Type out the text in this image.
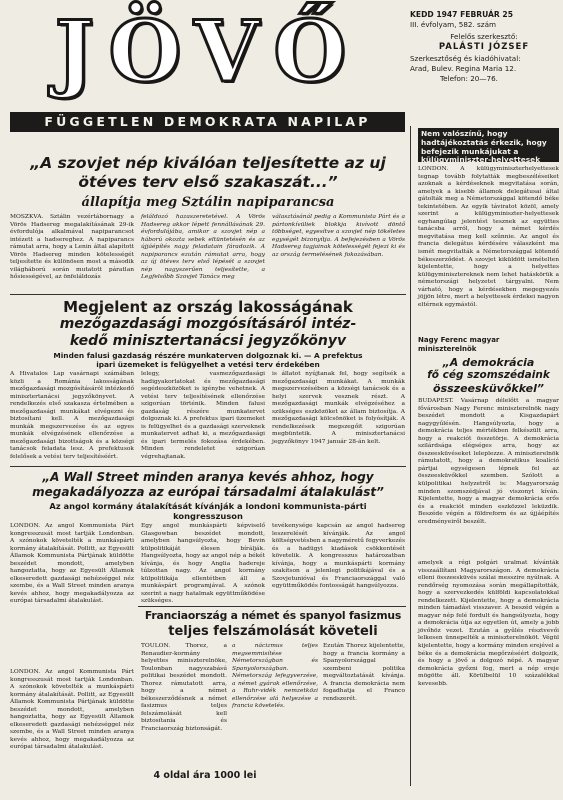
JÖVŐ
FÜGGETLEN DEMOKRATA NAPILAP
KEDD 1947 FEBRUÁR 25
III. évfolyam, 582. szám
Felelős szerkesztő:
PALÁSTI JÓZSEF
Szerkesztőség és kiadóhivatal:
Arad, Bulev. Regina Maria 12.
Telefon: 20—76.
„A szovjet nép kiválóan teljesítette az uj
ötéves terv első szakaszát...”
állapítja meg Sztálin napiparancsa
MOSZKVA. Sztálin vezértábornagy a Vörös Hadsereg megalakításának 29-ik évfordulója alkalmával napiparancsot intézett a hadsereghez. A napiparancs rámutat arra, hogy a Lenin által alapított Vörös Hadsereg minden kötelességét teljesítette és különösen most a második világháború során mutatott páratlan hősiességével, az önfeláldozás
feláldozó hazaszeretetével. A Vörös Hadsereg akkor lépett fennállásának 29. évfordulójába, amikor a szovjet nép a háború okozta sebek eltüntetésén és az újjáépítés nagy feladatain fáradozik. A napiparancs ezután rámutat arra, hogy az új ötéves terv első lépését a szovjet nép nagyszerűen teljesítette, a Legfelsőbb Szovjet Tanács meg
választásánál pedig a Kommunista Párt és a pártonkívüliek blokkja kivívott döntő többséget, egyesítve a szovjet nép tökéletes egységét bizonyítja. A befejezésben a Vörös Hadsereg tagjainak kötelességét fejezi ki és az ország termelésének fokozásában.
Megjelent az ország lakosságának
mezőgazdasági mozgósításáról intéz-
kedő minisztertanácsi jegyzőkönyv
Minden falusi gazdaság részére munkaterven dolgoznak ki. — A prefektus
ipari üzemeket is felügyelhet a vetési terv érdekében
A Hivatalos Lap vasárnapi számában közli a Románia lakosságának mezőgazdasági mozgósításáról intézkedő minisztertanácsi jegyzőkönyvet. A rendelkezés első szakasza értelmében a mezőgazdasági munkákat elvégezni és biztosítani kell. A mezőgazdasági munkák megszervezése és az egyes munkák elvégzésének ellenőrzése a mezőgazdasági bizottságok és a községi tanácsok feladata lesz. A prefektusok felelősek a vetési terv teljesítéséért.
lelegy, vasmezőgazdasági hadigyakorlatokat és mezőgazdasági segédeszközöket is igénybe vehetnek. A vetési terv teljesítésének ellenőrzése szigorúan történik. Minden falusi gazdaság részére munkatervet dolgoznak ki. A prefektus ipari üzemeket is felügyelhet és a gazdasági szerveknek munkatervet adhat ki, a mezőgazdasági és ipari termelés fokozása érdekében. Minden rendeletet szigorúan végrehajtanak.
is állatot nyújtanak fel, hogy segítsék a mezőgazdasági munkákat. A munkák megszervezésében a községi tanácsok és a helyi szervek vesznek részt. A mezőgazdasági munkák elvégzéséhez a szükséges eszközöket az állam biztosítja. A mezőgazdasági kölcsönöket is folyósítják. A rendelkezések megszegőit szigorúan megbüntetik. A minisztertanácsi jegyzőkönyv 1947 január 28-án kelt.
„A Wall Street minden aranya kevés ahhoz, hogy
megakadályozza az európai társadalmi átalakulást”
Az angol kormány átalakítását kívánják a londoni kommunista-párti
kongresszuson
LONDON. Az angol Kommunista Párt kongresszusát most tartják Londonban. A szónokok követelték a munkáspárti kormány átalakítását. Pollitt, az Egyesült Államok Kommunista Pártjának küldötte beszédet mondott, amelyben hangoztatta, hogy az Egyesült Államok elkeseredett gazdasági nehézséggel néz szembe, és a Wall Street minden aranya kevés ahhoz, hogy megakadályozza az európai társadalmi átalakulást.
Egy angol munkáspárti képviselő Glasgowban beszédet mondott, amelyben hangsúlyozta, hogy Bevin külpolitikáját élesen bírálják. Hangsúlyozta, hogy az angol nép a békét kívánja, és hogy Anglia hadereje túlzottan nagy. Az angol kormány külpolitikája ellentétben áll a munkáspárt programjával. A szónok szerint a nagy hatalmak együttműködése szükséges.
tevékenysége kapcsán az angol hadsereg leszerelését kívánják. Az angol költségvetésben a nagyméretű fegyverkezés és a hadügyi kiadások csökkentését követelik. A kongresszus határozatban kívánja, hogy a munkáspárti kormány szakítson a jelenlegi politikájával és a Szovjetunióval és Franciaországgal való együttműködés fontosságát hangsúlyozza.
Franciaország a német és spanyol fasizmus
teljes felszámolását követeli
TOULON. Thorez, a Renaudier-kormány helyettes miniszterelnöke, Toulonban nagyszabású politikai beszédet mondott. Thorez rámutatott arra, hogy a német békeszerződésnek a német fasizmus teljes felszámolását kell biztosítania és Franciaország biztonságát.
a nácizmus teljes megsemmisítése Németországban és Spanyolországban. Németország lefegyverzése, a német gyárak ellenőrzése, a Ruhr-vidék nemzetközi ellenőrzése alá helyezése a francia követelés.
Ezután Thorez kijelentette, hogy a francia kormány a Spanyolországgal szembeni politika megváltoztatását kívánja. A francia demokrácia nem fogadhatja el Franco rendszerét.
LONDON. Az angol Kommunista Párt kongresszusát most tartják Londonban. A szónokok követelték a munkáspárti kormány átalakítását. Pollitt, az Egyesült Államok Kommunista Pártjának küldötte beszédet mondott, amelyben hangoztatta, hogy az Egyesült Államok elkeseredett gazdasági nehézséggel néz szembe, és a Wall Street minden aranya kevés ahhoz, hogy megakadályozza az európai társadalmi átalakulást.
4 oldal ára 1000 lei
Nem valószínű, hogy hadtájékoztatás érkezik, hogy befejezik munkájukat a külügyminiszter-helyettesek
LONDON. A külügyminiszterhelyettesek tegnap tovább folytatták megbeszéléseiket azoknak a kérdéseknek megvitatása során, amelyek a kisebb államok delegátusai által gátolták meg a Németországgal kötendő béke tekintetében. Az egyik táviratot közöl, amely szerint a külügyminiszter-helyettesek egyhangúlag jelentést tesznek az együttes tanácsba arról, hogy a német kérdés megvitatása meg kell szűnnie. Az angol és francia delegátus kérdésére válaszként ma ismét megvitatták a Németországgal kötendő békeszerződést. A szovjet kiküldött ismételten kijelentette, hogy a helyettes külügyminisztereknek nem lehet hatáskörük a németországi helyzetet tárgyalni. Nem várható, hogy a kérdésekben megegyezés jöjjön létre, mert a helyettesek érdekei nagyon eltérnek egymástól.
Nagy Ferenc magyar miniszterelnök
„A demokrácia
fő cég szomszédaink
összeesküvőkkel”
BUDAPEST. Vasárnap délelőtt a magyar fővárosban Nagy Ferenc miniszterelnök nagy beszédet mondott a Kisgazdapárt nagygyűlésén. Hangsúlyozta, hogy a demokrácia teljes mértékben felkészült arra, hogy a reakciót összetörje. A demokrácia szilárdsága elégséges arra, hogy az összeesküvéseket leleplezze. A miniszterelnök rámutatott, hogy a demokratikus koalíció pártjai egységesen lépnek fel az összeesküvőkkel szemben. Szólott a külpolitikai helyzetről is: Magyarország minden szomszédjával jó viszonyt kíván. Kijelentette, hogy a magyar demokrácia erős és a reakciót minden eszközzel leküzdik. Beszéde végén a földreform és az újjáépítés eredményeiről beszélt.
amelyek a régi polgári uralmat kívánták visszaállítani Magyarországon. A demokrácia elleni összeesküvés szálai messzire nyúlnak. A rendőrség nyomozása során megállapították, hogy a szervezkedés külföldi kapcsolatokkal rendelkezett. Kijelentette, hogy a demokrácia minden támadást visszaver. A beszéd végén a magyar nép felé fordult és hangsúlyozta, hogy a demokrácia útja az egyetlen út, amely a jobb jövőhöz vezet. Ezután a gyűlés résztvevői lelkesen ünnepelték a miniszterelnököt. Végül kijelentette, hogy a kormány minden erejével a béke és a demokrácia megőrzéséért dolgozik, és hogy a jövő a dolgozó népé. A magyar demokrácia győzni fog, mert a nép ereje mögötte áll. Körülbelül 10 százalékkal kevesebb.
